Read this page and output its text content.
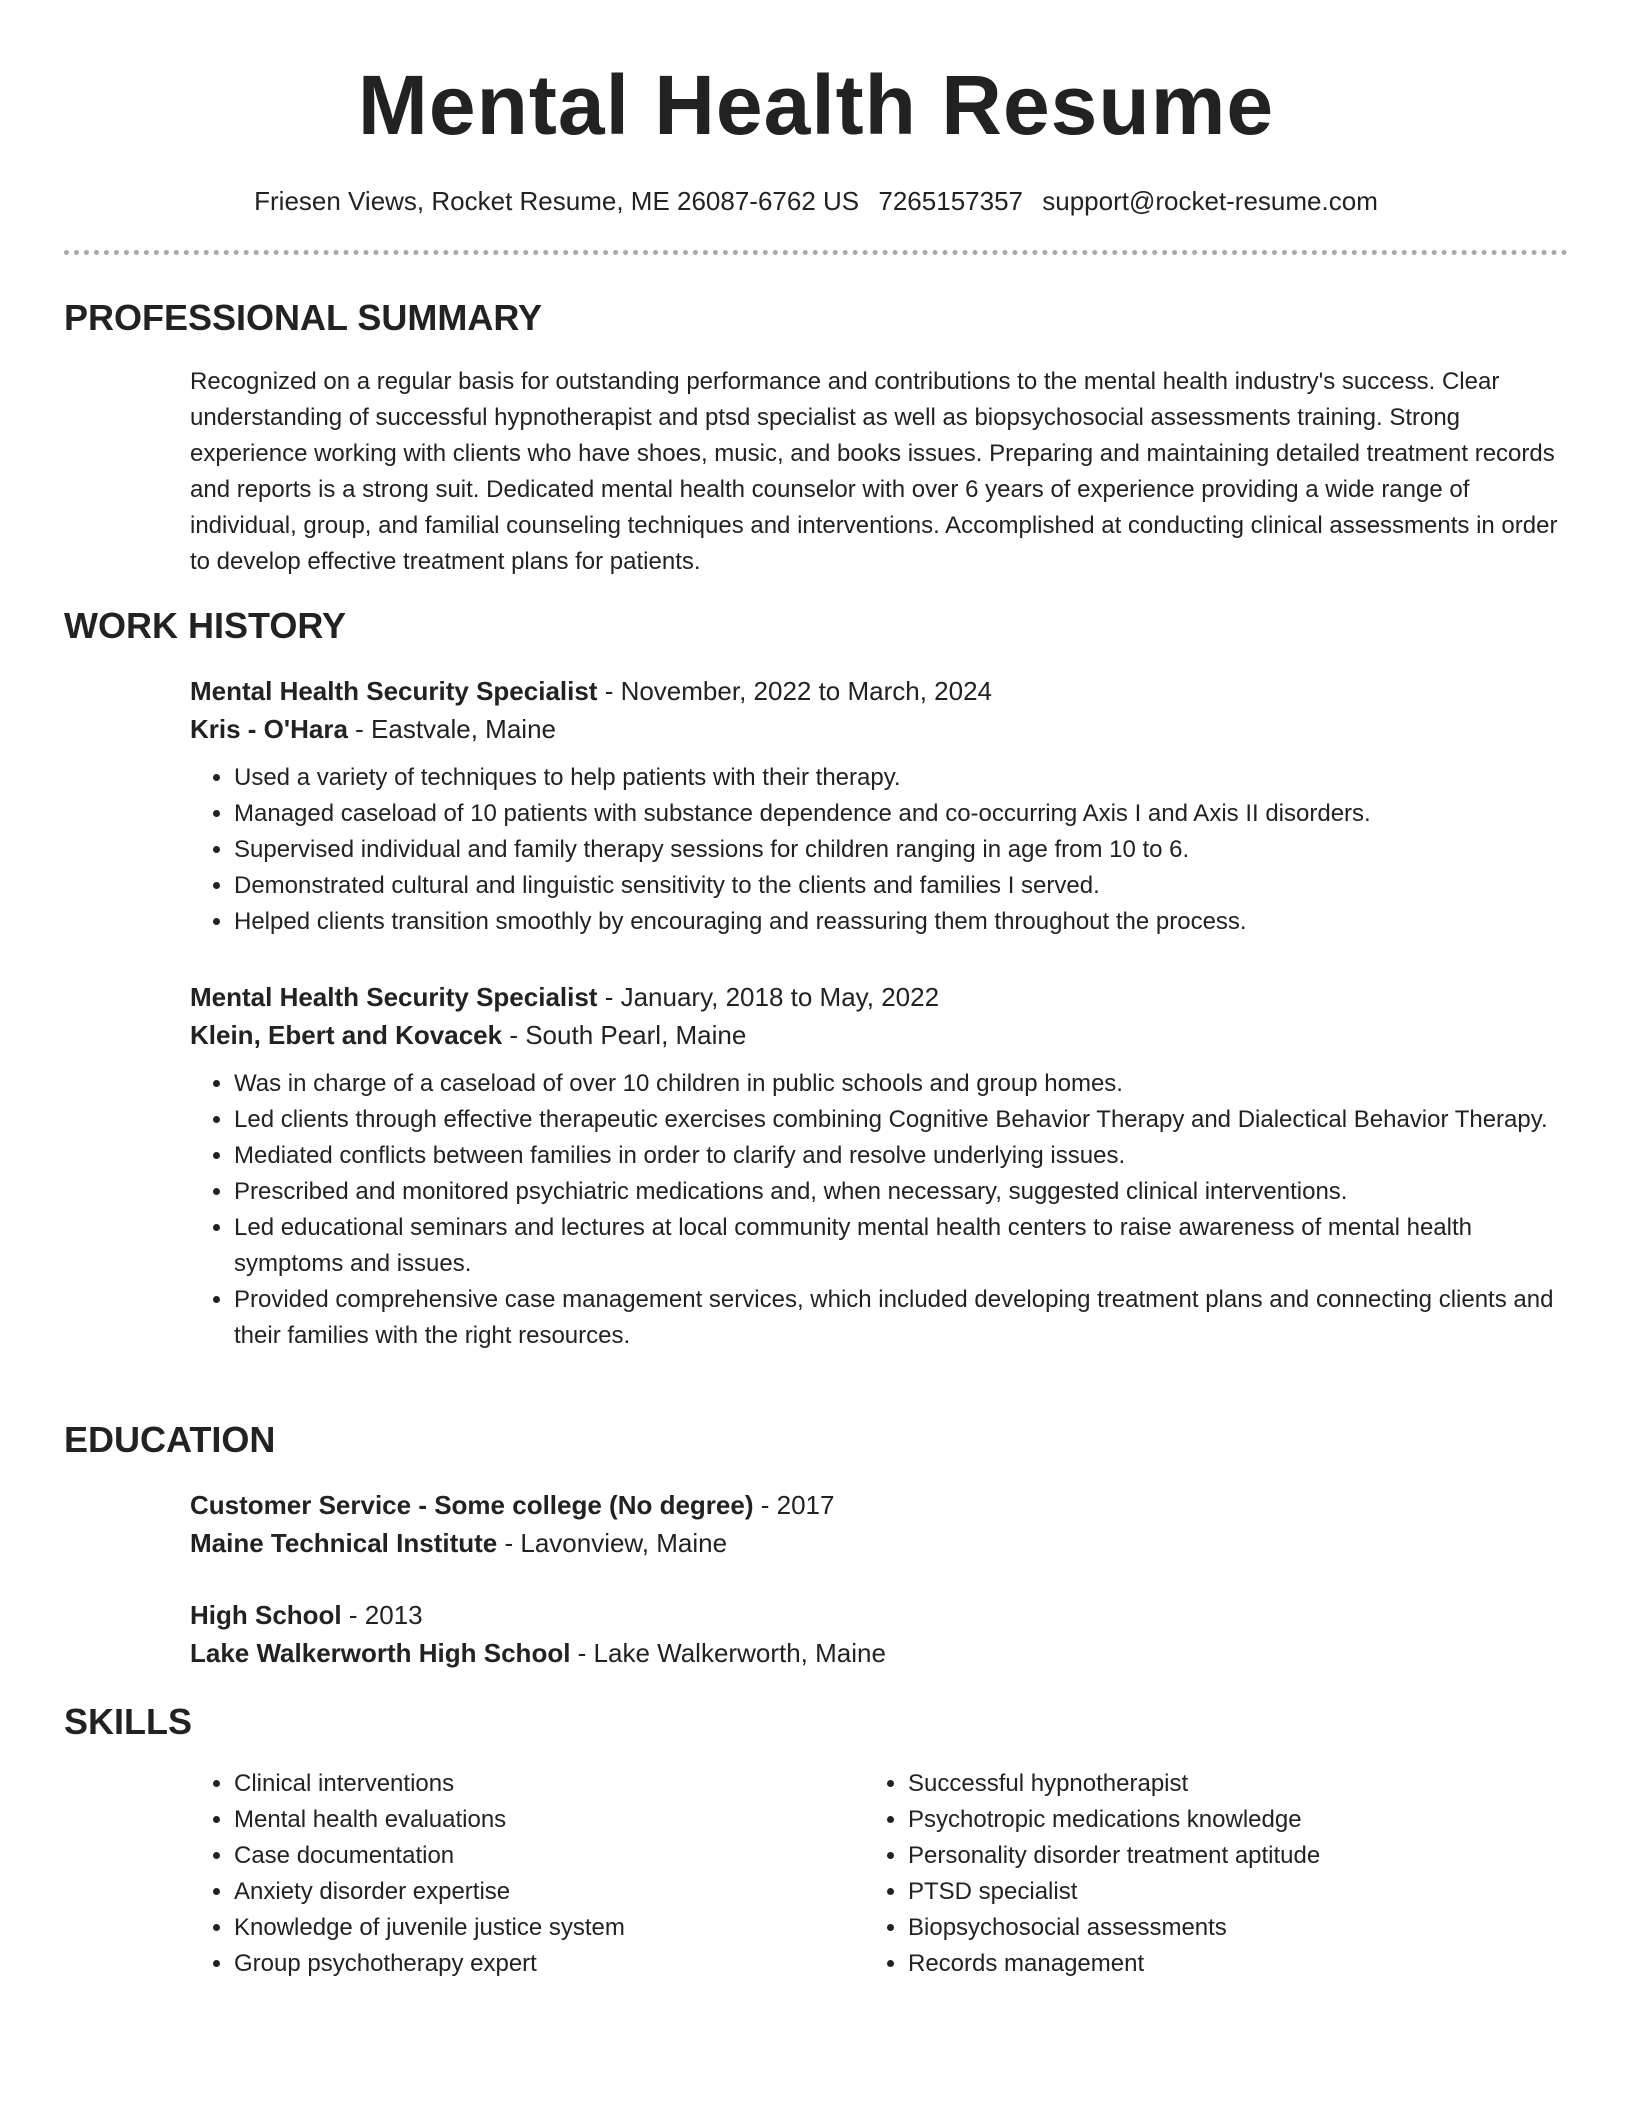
Mental Health Resume
Friesen Views, Rocket Resume, ME 26087-6762 US 7265157357 support@rocket-resume.com
PROFESSIONAL SUMMARY

Recognized on a regular basis for outstanding performance and contributions to the mental health industry's success. Clear understanding of successful hypnotherapist and ptsd specialist as well as biopsychosocial assessments training. Strong experience working with clients who have shoes, music, and books issues. Preparing and maintaining detailed treatment records and reports is a strong suit. Dedicated mental health counselor with over 6 years of experience providing a wide range of individual, group, and familial counseling techniques and interventions. Accomplished at conducting clinical assessments in order to develop effective treatment plans for patients.

WORK HISTORY
Mental Health Security Specialist - November, 2022 to March, 2024
Kris - O'Hara - Eastvale, Maine
• Used a variety of techniques to help patients with their therapy.
• Managed caseload of 10 patients with substance dependence and co-occurring Axis I and Axis II disorders.
• Supervised individual and family therapy sessions for children ranging in age from 10 to 6.
• Demonstrated cultural and linguistic sensitivity to the clients and families I served.
• Helped clients transition smoothly by encouraging and reassuring them throughout the process.
Mental Health Security Specialist - January, 2018 to May, 2022
Klein, Ebert and Kovacek - South Pearl, Maine
• Was in charge of a caseload of over 10 children in public schools and group homes.
• Led clients through effective therapeutic exercises combining Cognitive Behavior Therapy and Dialectical Behavior Therapy.
• Mediated conflicts between families in order to clarify and resolve underlying issues.
• Prescribed and monitored psychiatric medications and, when necessary, suggested clinical interventions.
• Led educational seminars and lectures at local community mental health centers to raise awareness of mental health symptoms and issues.
• Provided comprehensive case management services, which included developing treatment plans and connecting clients and their families with the right resources.
EDUCATION
Customer Service - Some college (No degree) - 2017
Maine Technical Institute - Lavonview, Maine
High School - 2013
Lake Walkerworth High School - Lake Walkerworth, Maine
SKILLS
• Clinical interventions
• Mental health evaluations
• Case documentation
• Anxiety disorder expertise
• Knowledge of juvenile justice system
• Group psychotherapy expert
• Successful hypnotherapist
• Psychotropic medications knowledge
• Personality disorder treatment aptitude
• PTSD specialist
• Biopsychosocial assessments
• Records management
